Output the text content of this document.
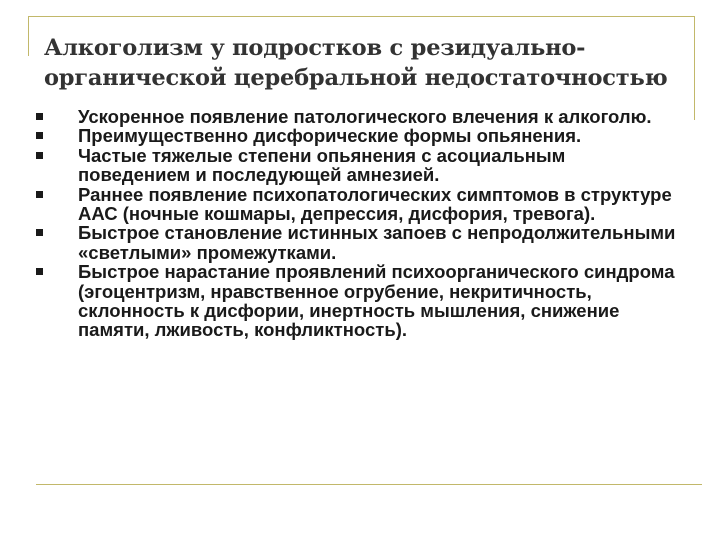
Алкоголизм у подростков с резидуально-органической церебральной недостаточностью
Ускоренное появление патологического влечения к алкоголю.
Преимущественно дисфорические формы опьянения.
Частые тяжелые степени опьянения с асоциальным поведением и последующей амнезией.
Раннее появление психопатологических симптомов в структуре ААС (ночные кошмары, депрессия, дисфория, тревога).
Быстрое становление истинных запоев с непродолжительными «светлыми» промежутками.
Быстрое нарастание проявлений психоорганического синдрома (эгоцентризм, нравственное огрубение, некритичность, склонность к дисфории, инертность мышления, снижение памяти, лживость, конфликтность).
